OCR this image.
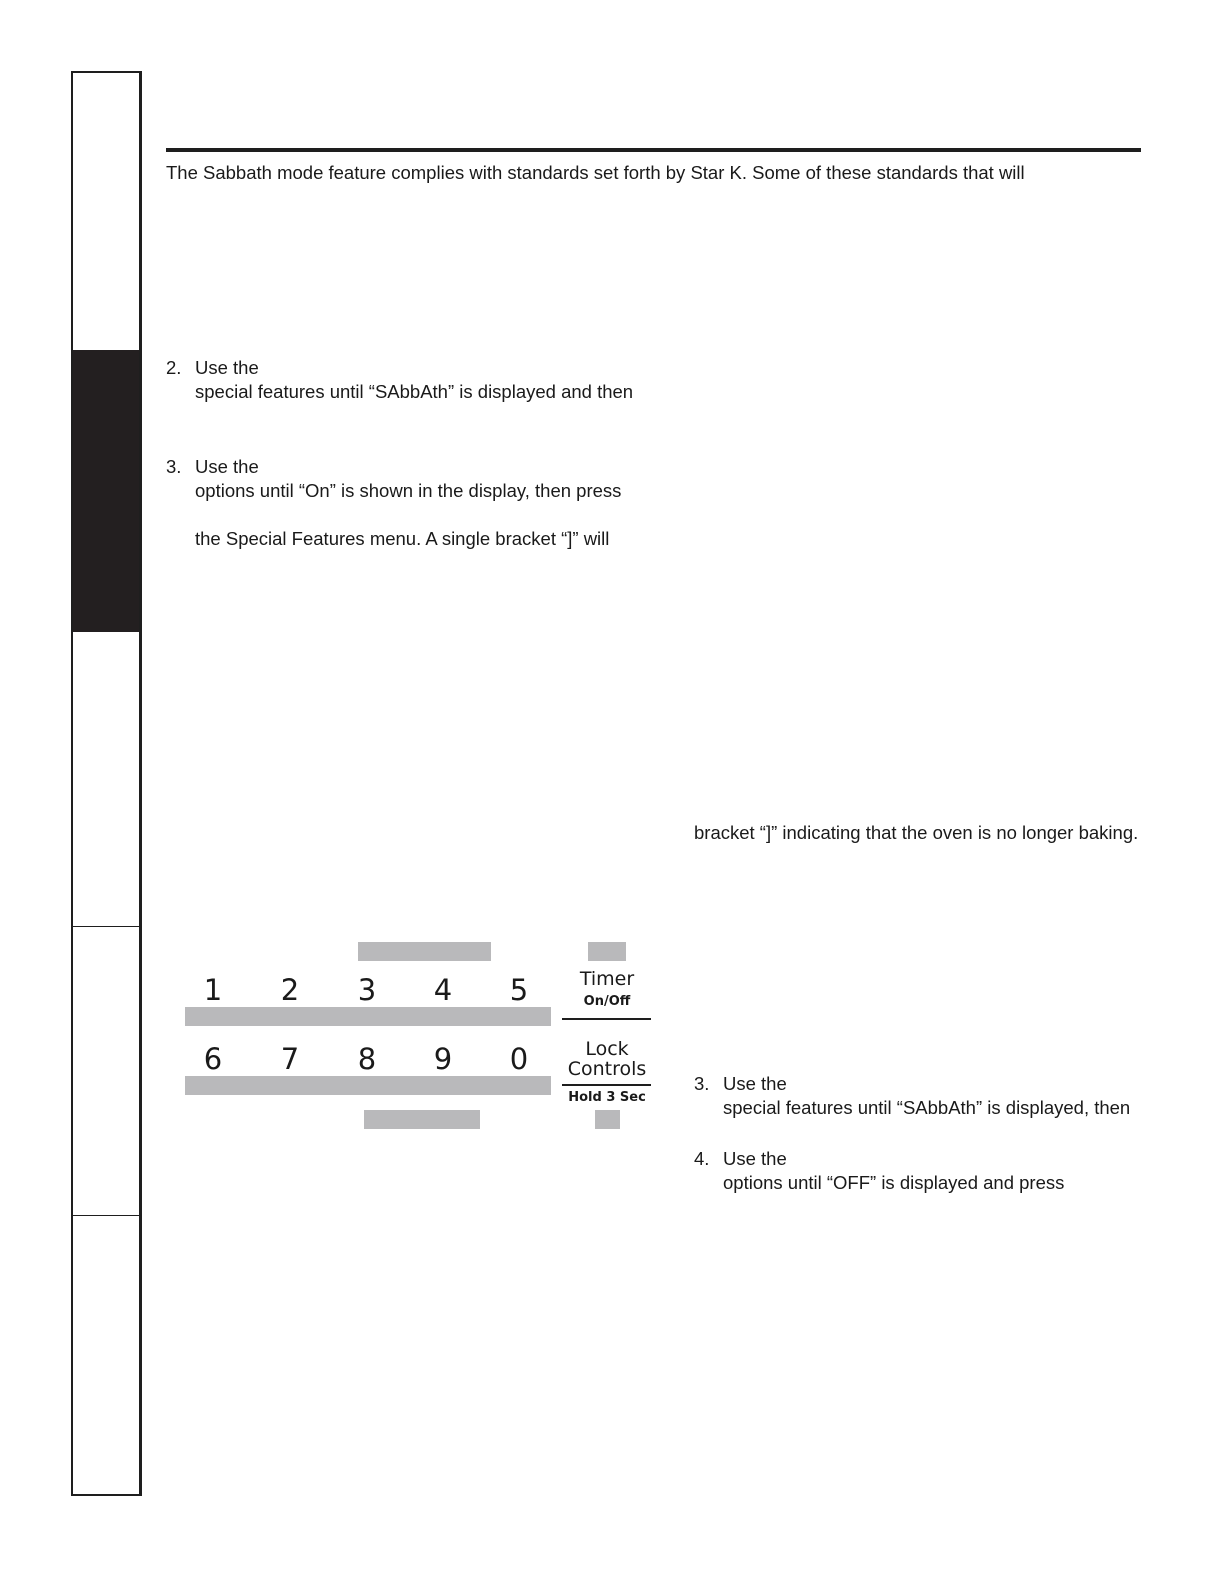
The Sabbath mode feature complies with standards set forth by Star K. Some of these standards that will
2. Use the
special features until “SAbbAth” is displayed and then
3. Use the
options until “On” is shown in the display, then press
the Special Features menu. A single bracket “]” will
bracket “]” indicating that the oven is no longer baking.
3. Use the
special features until “SAbbAth” is displayed, then
4. Use the
options until “OFF” is displayed and press
1	2	3	4	5
6	7	8	9	0
Timer
On/Off
Lock
Controls
Hold 3 Sec
